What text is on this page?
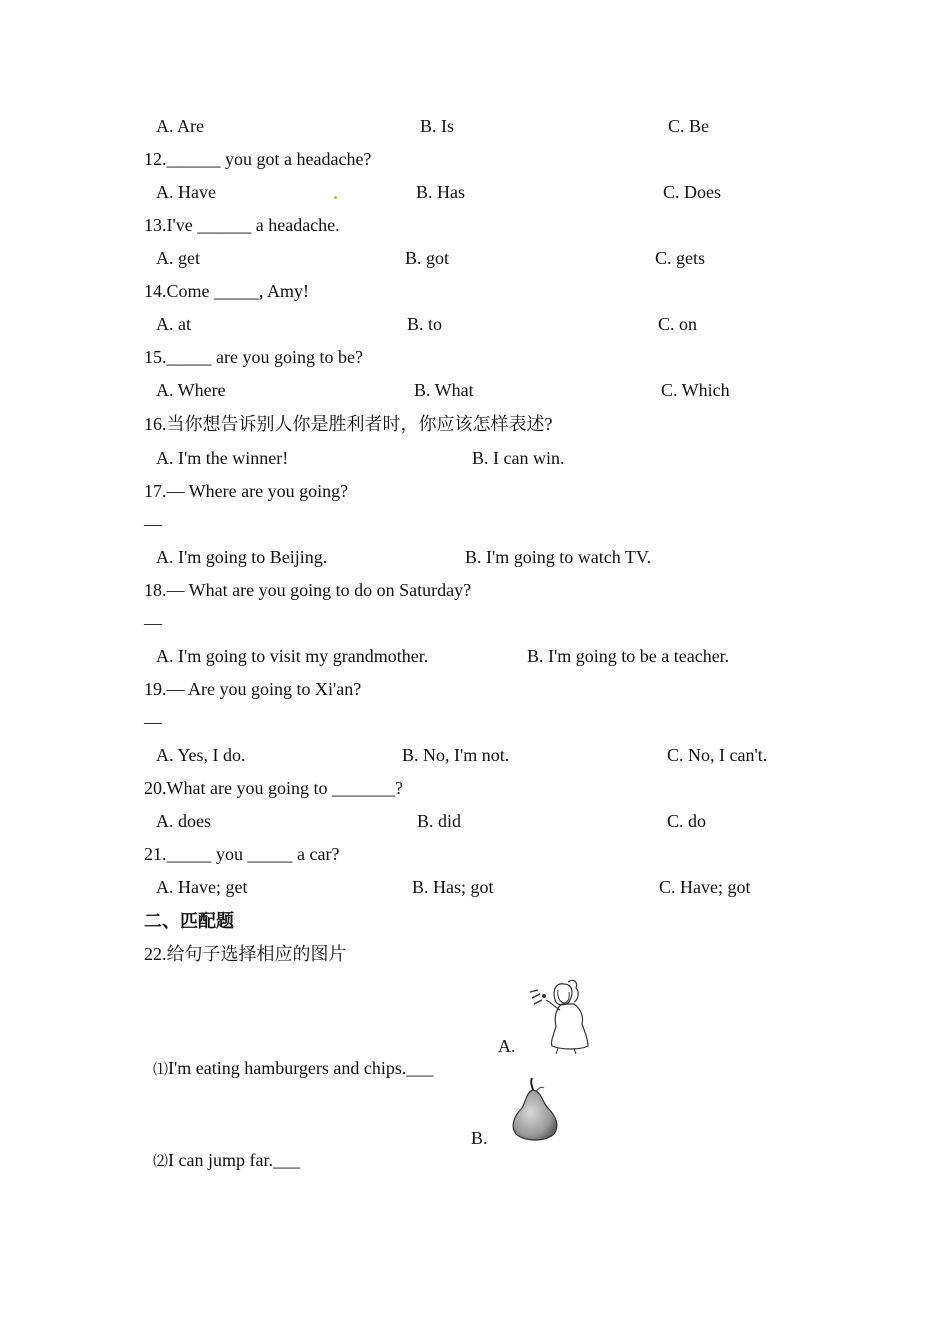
A. Are	B. Is	C. Be
12.______ you got a headache?
A. Have	B. Has	C. Does
13.I've ______ a headache.
A. get	B. got	C. gets
14.Come _____, Amy!
A. at	B. to	C. on
15._____ are you going to be?
A. Where	B. What	C. Which
16.当你想告诉别人你是胜利者时，你应该怎样表述?
A. I'm the winner!	B. I can win.
17.— Where are you going?
—
A. I'm going to Beijing.	B. I'm going to watch TV.
18.— What are you going to do on Saturday?
—
A. I'm going to visit my grandmother.	B. I'm going to be a teacher.
19.— Are you going to Xi'an?
—
A. Yes, I do.	B. No, I'm not.	C. No, I can't.
20.What are you going to _______?
A. does	B. did	C. do
21._____ you _____ a car?
A. Have; get	B. Has; got	C. Have; got
二、匹配题
22.给句子选择相应的图片

⑴I'm eating hamburgers and chips.___

A.

⑵I can jump far.___

B.
